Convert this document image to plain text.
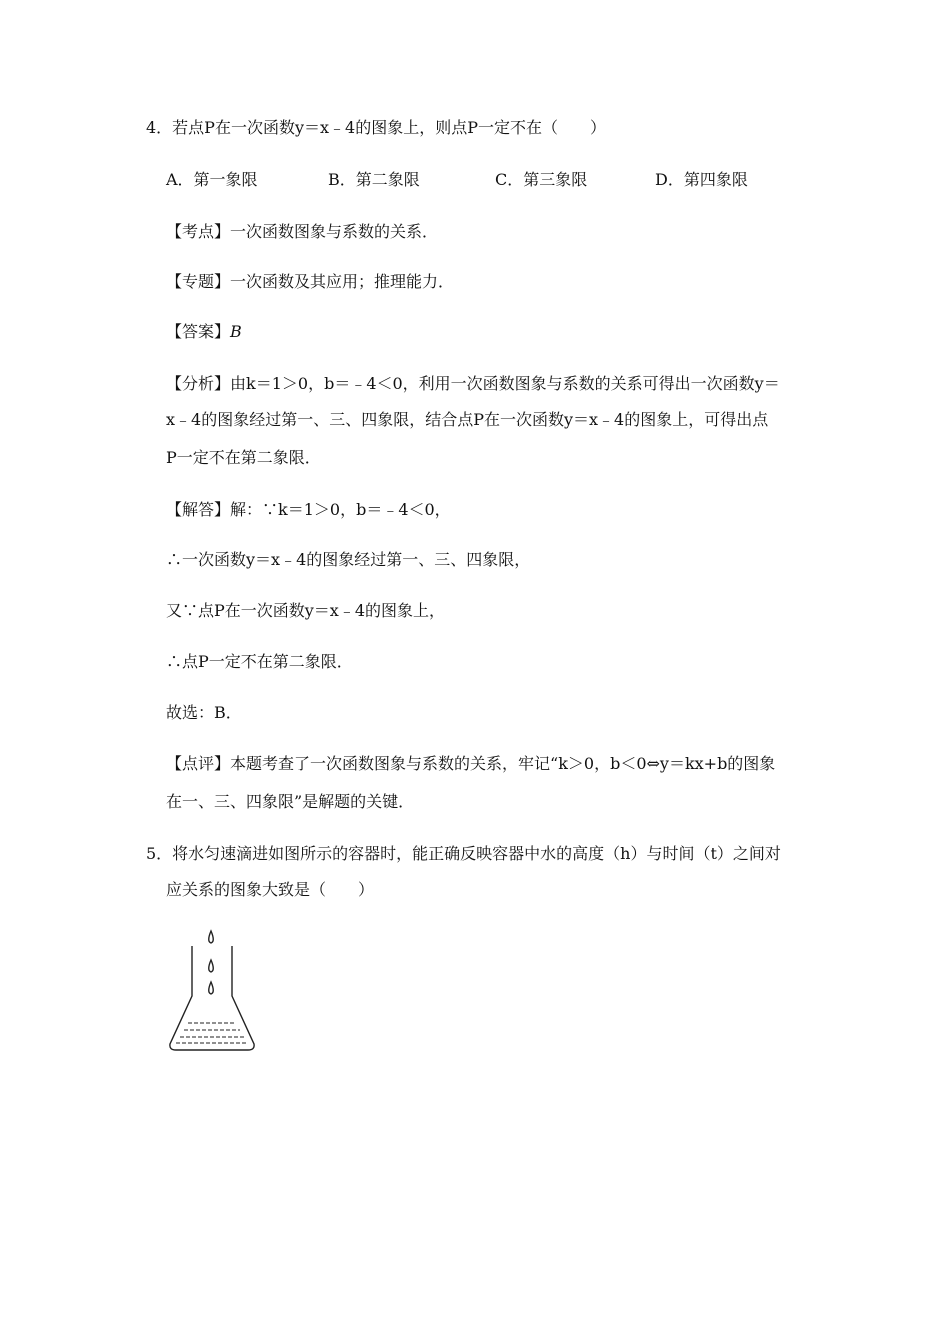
4．若点P在一次函数y＝x﹣4的图象上，则点P一定不在（　　）
A．第一象限	B．第二象限	C．第三象限	D．第四象限
【考点】一次函数图象与系数的关系．
【专题】一次函数及其应用；推理能力．
【答案】B
【分析】由k＝1＞0，b＝﹣4＜0，利用一次函数图象与系数的关系可得出一次函数y＝
x﹣4的图象经过第一、三、四象限，结合点P在一次函数y＝x﹣4的图象上，可得出点
P一定不在第二象限．
【解答】解：∵k＝1＞0，b＝﹣4＜0，
∴一次函数y＝x﹣4的图象经过第一、三、四象限，
又∵点P在一次函数y＝x﹣4的图象上，
∴点P一定不在第二象限．
故选：B．
【点评】本题考查了一次函数图象与系数的关系，牢记“k＞0，b＜0⇔y＝kx+b的图象
在一、三、四象限”是解题的关键．
5．将水匀速滴进如图所示的容器时，能正确反映容器中水的高度（h）与时间（t）之间对
应关系的图象大致是（　　）
